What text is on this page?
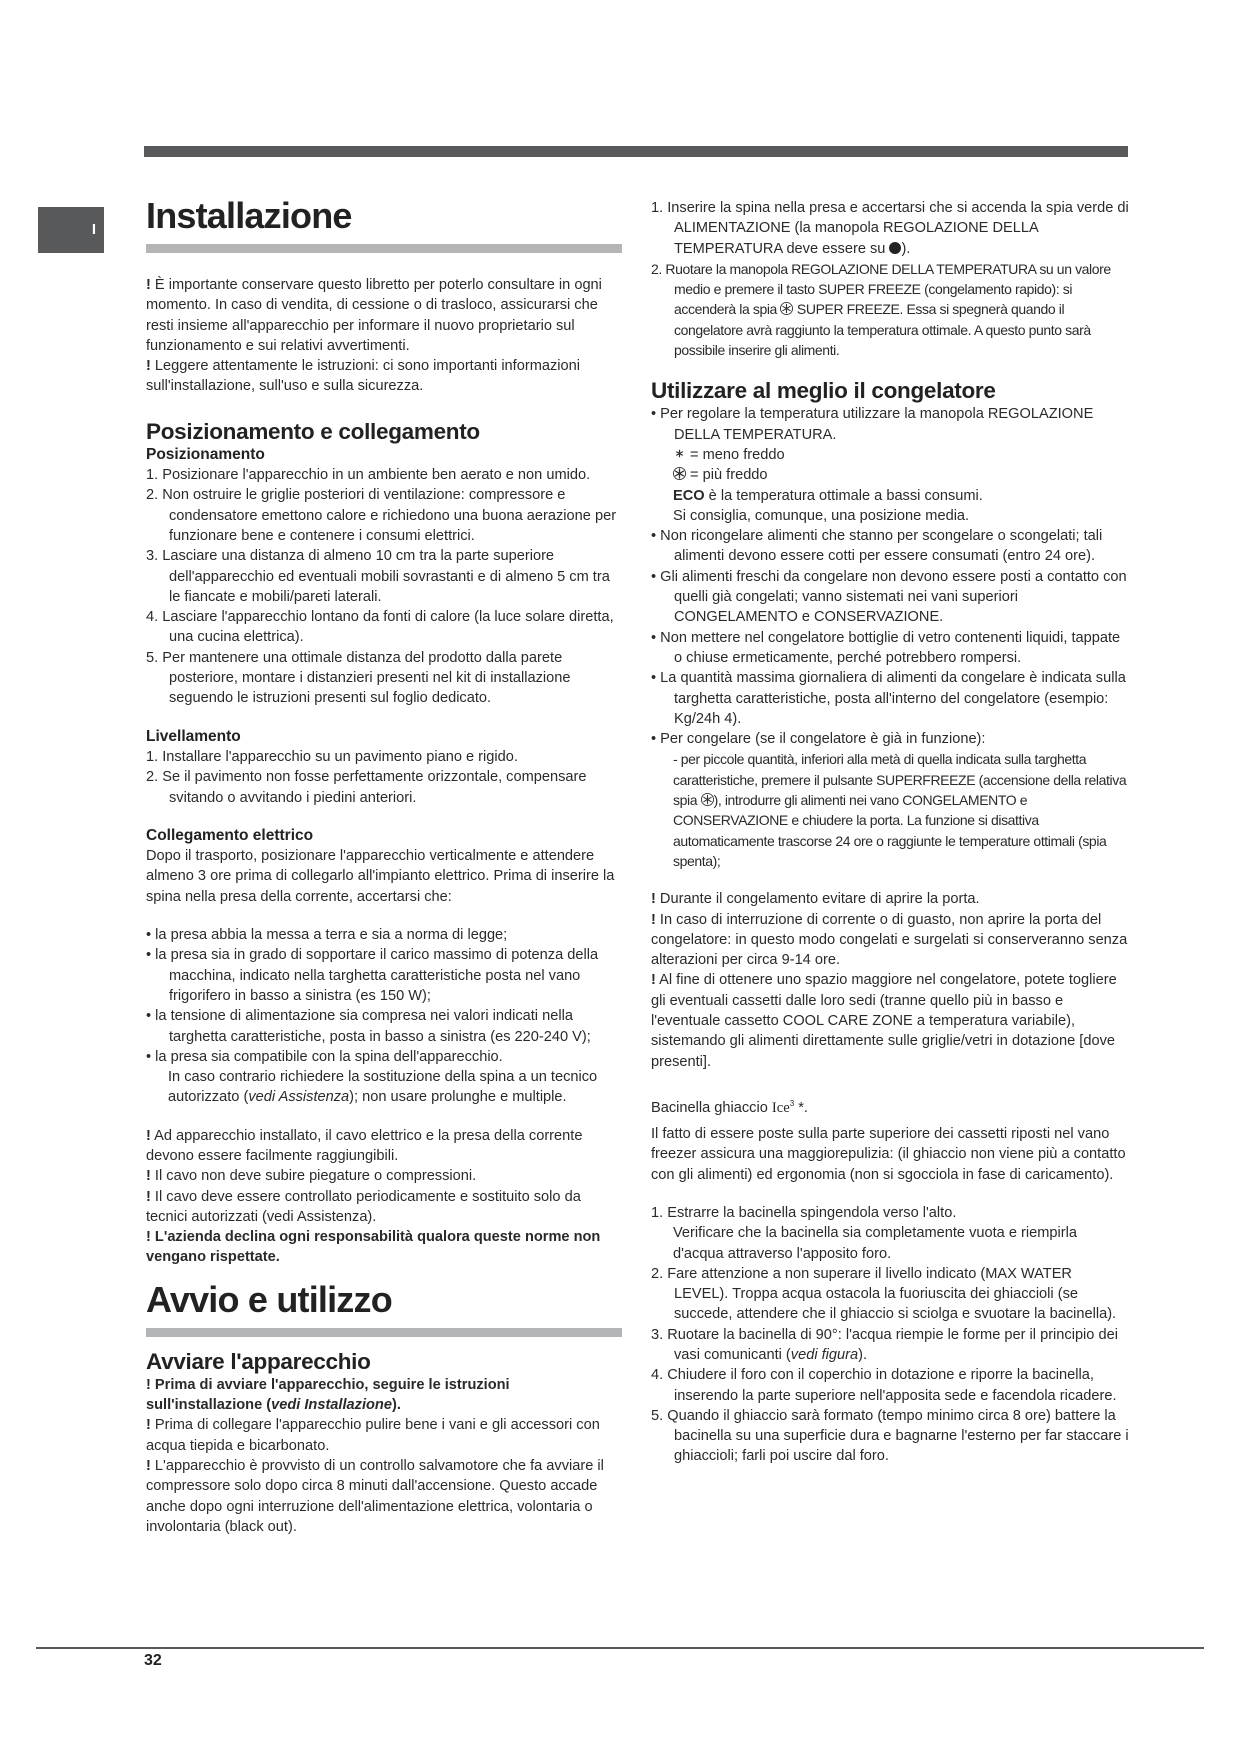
I Installazione

! È importante conservare questo libretto per poterlo consultare in ogni momento. In caso di vendita, di cessione o di trasloco, assicurarsi che resti insieme all'apparecchio per informare il nuovo proprietario sul funzionamento e sui relativi avvertimenti.

! Leggere attentamente le istruzioni: ci sono importanti informazioni sull'installazione, sull'uso e sulla sicurezza.

Posizionamento e collegamento
Posizionamento
1. Posizionare l'apparecchio in un ambiente ben aerato e non umido.
2. Non ostruire le griglie posteriori di ventilazione: compressore e condensatore emettono calore e richiedono una buona aerazione per funzionare bene e contenere i consumi elettrici.
3. Lasciare una distanza di almeno 10 cm tra la parte superiore dell'apparecchio ed eventuali mobili sovrastanti e di almeno 5 cm tra le fiancate e mobili/pareti laterali.
4. Lasciare l'apparecchio lontano da fonti di calore (la luce solare diretta, una cucina elettrica).
5. Per mantenere una ottimale distanza del prodotto dalla parete posteriore, montare i distanzieri presenti nel kit di installazione seguendo le istruzioni presenti sul foglio dedicato.
Livellamento
1. Installare l'apparecchio su un pavimento piano e rigido.
2. Se il pavimento non fosse perfettamente orizzontale, compensare svitando o avvitando i piedini anteriori.
Collegamento elettrico

Dopo il trasporto, posizionare l'apparecchio verticalmente e attendere almeno 3 ore prima di collegarlo all'impianto elettrico. Prima di inserire la spina nella presa della corrente, accertarsi che:

• la presa abbia la messa a terra e sia a norma di legge;
• la presa sia in grado di sopportare il carico massimo di potenza della macchina, indicato nella targhetta caratteristiche posta nel vano frigorifero in basso a sinistra (es 150 W);
• la tensione di alimentazione sia compresa nei valori indicati nella targhetta caratteristiche, posta in basso a sinistra (es 220-240 V);
• la presa sia compatibile con la spina dell'apparecchio.

In caso contrario richiedere la sostituzione della spina a un tecnico autorizzato (vedi Assistenza); non usare prolunghe e multiple.

! Ad apparecchio installato, il cavo elettrico e la presa della corrente devono essere facilmente raggiungibili.

! Il cavo non deve subire piegature o compressioni.

! Il cavo deve essere controllato periodicamente e sostituito solo da tecnici autorizzati (vedi Assistenza).

! L'azienda declina ogni responsabilità qualora queste norme non vengano rispettate.

Avvio e utilizzo
Avviare l'apparecchio

! Prima di avviare l'apparecchio, seguire le istruzioni sull'installazione (vedi Installazione).

! Prima di collegare l'apparecchio pulire bene i vani e gli accessori con acqua tiepida e bicarbonato.

! L'apparecchio è provvisto di un controllo salvamotore che fa avviare il compressore solo dopo circa 8 minuti dall'accensione. Questo accade anche dopo ogni interruzione dell'alimentazione elettrica, volontaria o involontaria (black out).

1. Inserire la spina nella presa e accertarsi che si accenda la spia verde di ALIMENTAZIONE (la manopola REGOLAZIONE DELLA TEMPERATURA deve essere su ).
2. Ruotare la manopola REGOLAZIONE DELLA TEMPERATURA su un valore medio e premere il tasto SUPER FREEZE (congelamento rapido): si accenderà la spia  SUPER FREEZE. Essa si spegnerà quando il congelatore avrà raggiunto la temperatura ottimale. A questo punto sarà possibile inserire gli alimenti.
Utilizzare al meglio il congelatore
• Per regolare la temperatura utilizzare la manopola REGOLAZIONE DELLA TEMPERATURA.
= meno freddo
= più freddo
ECO è la temperatura ottimale a bassi consumi.
Si consiglia, comunque, una posizione media.
• Non ricongelare alimenti che stanno per scongelare o scongelati; tali alimenti devono essere cotti per essere consumati (entro 24 ore).
• Gli alimenti freschi da congelare non devono essere posti a contatto con quelli già congelati; vanno sistemati nei vani superiori CONGELAMENTO e CONSERVAZIONE.
• Non mettere nel congelatore bottiglie di vetro contenenti liquidi, tappate o chiuse ermeticamente, perché potrebbero rompersi.
• La quantità massima giornaliera di alimenti da congelare è indicata sulla targhetta caratteristiche, posta all'interno del congelatore (esempio: Kg/24h 4).
• Per congelare (se il congelatore è già in funzione):

- per piccole quantità, inferiori alla metà di quella indicata sulla targhetta caratteristiche, premere il pulsante SUPERFREEZE (accensione della relativa spia ), introdurre gli alimenti nei vano CONGELAMENTO e CONSERVAZIONE e chiudere la porta. La funzione si disattiva automaticamente trascorse 24 ore o raggiunte le temperature ottimali (spia spenta);

! Durante il congelamento evitare di aprire la porta.

! In caso di interruzione di corrente o di guasto, non aprire la porta del congelatore: in questo modo congelati e surgelati si conserveranno senza alterazioni per circa 9-14 ore.

! Al fine di ottenere uno spazio maggiore nel congelatore, potete togliere gli eventuali cassetti dalle loro sedi (tranne quello più in basso e l'eventuale cassetto COOL CARE ZONE a temperatura variabile), sistemando gli alimenti direttamente sulle griglie/vetri in dotazione [dove presenti].

Bacinella ghiaccio Ice$^3$ *.

Il fatto di essere poste sulla parte superiore dei cassetti riposti nel vano freezer assicura una maggiorepulizia: (il ghiaccio non viene più a contatto con gli alimenti) ed ergonomia (non si sgocciola in fase di caricamento).

1. Estrarre la bacinella spingendola verso l'alto.

Verificare che la bacinella sia completamente vuota e riempirla d'acqua attraverso l'apposito foro.

2. Fare attenzione a non superare il livello indicato (MAX WATER LEVEL). Troppa acqua ostacola la fuoriuscita dei ghiaccioli (se succede, attendere che il ghiaccio si sciolga e svuotare la bacinella).
3. Ruotare la bacinella di 90°: l'acqua riempie le forme per il principio dei vasi comunicanti (vedi figura).
4. Chiudere il foro con il coperchio in dotazione e riporre la bacinella, inserendo la parte superiore nell'apposita sede e facendola ricadere.
5. Quando il ghiaccio sarà formato (tempo minimo circa 8 ore) battere la bacinella su una superficie dura e bagnarne l'esterno per far staccare i ghiaccioli; farli poi uscire dal foro.
32
